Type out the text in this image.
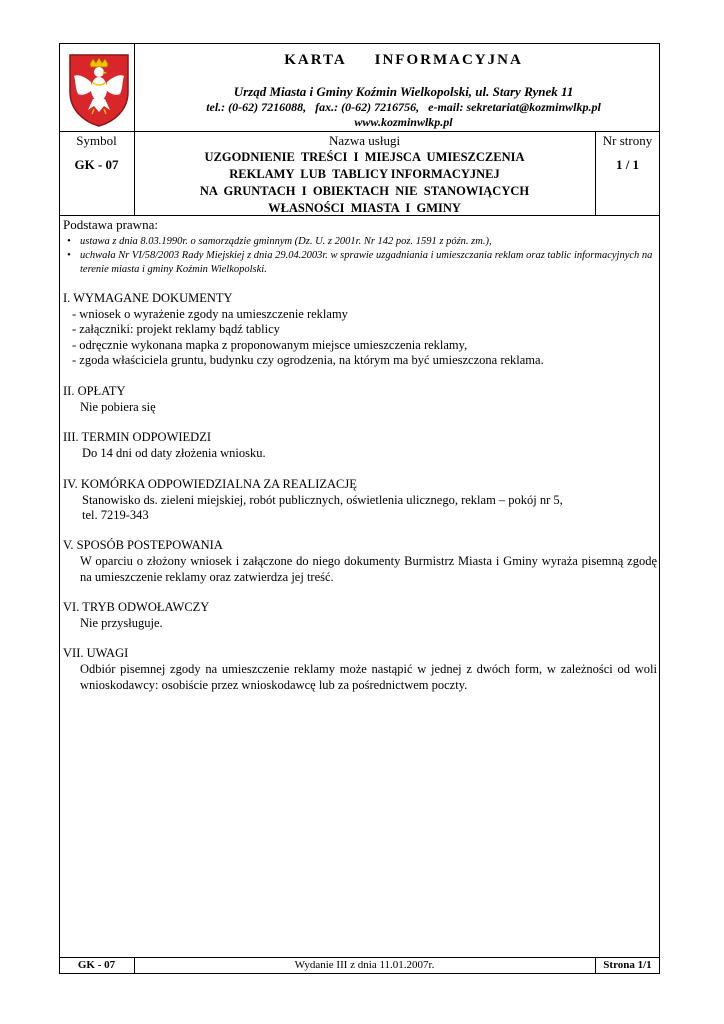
KARTA     INFORMACYJNA
Urząd Miasta i Gminy Koźmin Wielkopolski, ul. Stary Rynek 11
tel.: (0-62) 7216088,   fax.: (0-62) 7216756,   e-mail: sekretariat@kozminwlkp.pl
www.kozminwlkp.pl
Symbol
GK - 07
Nazwa usługi
UZGODNIENIE  TREŚCI  I  MIEJSCA  UMIESZCZENIA
REKLAMY  LUB  TABLICY INFORMACYJNEJ
NA  GRUNTACH  I  OBIEKTACH  NIE  STANOWIĄCYCH
WŁASNOŚCI  MIASTA  I  GMINY
Nr strony
1 / 1
Podstawa prawna:
• ustawa z dnia 8.03.1990r. o samorządzie gminnym (Dz. U. z 2001r. Nr 142 poz. 1591 z późn. zm.),
• uchwała Nr VI/58/2003 Rady Miejskiej z dnia 29.04.2003r. w sprawie uzgadniania i umieszczania reklam oraz tablic informacyjnych na terenie miasta i gminy Koźmin Wielkopolski.
I. WYMAGANE DOKUMENTY
- wniosek o wyrażenie zgody na umieszczenie reklamy
- załączniki: projekt reklamy bądź tablicy
- odręcznie wykonana mapka z proponowanym miejsce umieszczenia reklamy,
- zgoda właściciela gruntu, budynku czy ogrodzenia, na którym ma być umieszczona reklama.
II. OPŁATY
Nie pobiera się
III. TERMIN ODPOWIEDZI
Do 14 dni od daty złożenia wniosku.
IV. KOMÓRKA ODPOWIEDZIALNA ZA REALIZACJĘ
Stanowisko ds. zieleni miejskiej, robót publicznych, oświetlenia ulicznego, reklam – pokój nr 5,
tel. 7219-343
V. SPOSÓB POSTEPOWANIA
W oparciu o złożony wniosek i załączone do niego dokumenty Burmistrz Miasta i Gminy wyraża pisemną zgodę na umieszczenie reklamy oraz zatwierdza jej treść.
VI. TRYB ODWOŁAWCZY
Nie przysługuje.
VII. UWAGI
Odbiór pisemnej zgody na umieszczenie reklamy może nastąpić w jednej z dwóch form, w zależności od woli wnioskodawcy: osobiście przez wnioskodawcę lub za pośrednictwem poczty.
GK - 07	Wydanie III z dnia 11.01.2007r.	Strona 1/1
